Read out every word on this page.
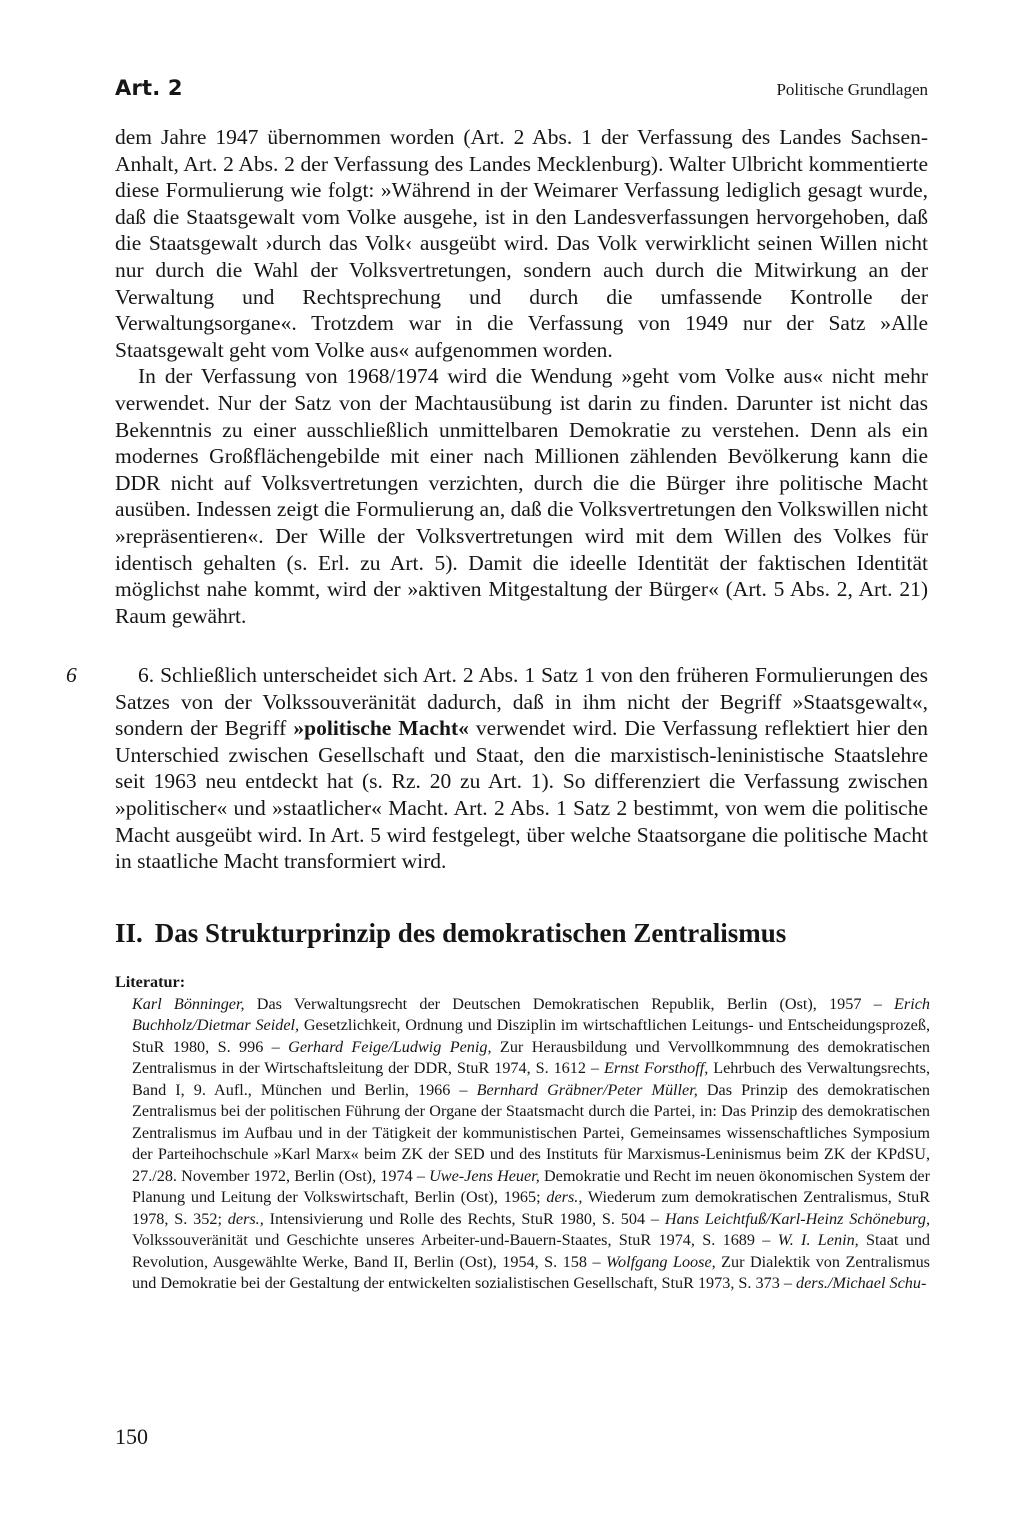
Art. 2	Politische Grundlagen

dem Jahre 1947 übernommen worden (Art. 2 Abs. 1 der Verfassung des Landes Sachsen-Anhalt, Art. 2 Abs. 2 der Verfassung des Landes Mecklenburg). Walter Ulbricht kommentierte diese Formulierung wie folgt: »Während in der Weimarer Verfassung lediglich gesagt wurde, daß die Staatsgewalt vom Volke ausgehe, ist in den Landesverfassungen hervorgehoben, daß die Staatsgewalt ›durch das Volk‹ ausgeübt wird. Das Volk verwirklicht seinen Willen nicht nur durch die Wahl der Volksvertretungen, sondern auch durch die Mitwirkung an der Verwaltung und Rechtsprechung und durch die umfassende Kontrolle der Verwaltungsorgane«. Trotzdem war in die Verfassung von 1949 nur der Satz »Alle Staatsgewalt geht vom Volke aus« aufgenommen worden.

In der Verfassung von 1968/1974 wird die Wendung »geht vom Volke aus« nicht mehr verwendet. Nur der Satz von der Machtausübung ist darin zu finden. Darunter ist nicht das Bekenntnis zu einer ausschließlich unmittelbaren Demokratie zu verstehen. Denn als ein modernes Großflächengebilde mit einer nach Millionen zählenden Bevölkerung kann die DDR nicht auf Volksvertretungen verzichten, durch die die Bürger ihre politische Macht ausüben. Indessen zeigt die Formulierung an, daß die Volksvertretungen den Volkswillen nicht »repräsentieren«. Der Wille der Volksvertretungen wird mit dem Willen des Volkes für identisch gehalten (s. Erl. zu Art. 5). Damit die ideelle Identität der faktischen Identität möglichst nahe kommt, wird der »aktiven Mitgestaltung der Bürger« (Art. 5 Abs. 2, Art. 21) Raum gewährt.

6	6. Schließlich unterscheidet sich Art. 2 Abs. 1 Satz 1 von den früheren Formulierungen des Satzes von der Volkssouveränität dadurch, daß in ihm nicht der Begriff »Staatsgewalt«, sondern der Begriff »politische Macht« verwendet wird. Die Verfassung reflektiert hier den Unterschied zwischen Gesellschaft und Staat, den die marxistisch-leninistische Staatslehre seit 1963 neu entdeckt hat (s. Rz. 20 zu Art. 1). So differenziert die Verfassung zwischen »politischer« und »staatlicher« Macht. Art. 2 Abs. 1 Satz 2 bestimmt, von wem die politische Macht ausgeübt wird. In Art. 5 wird festgelegt, über welche Staatsorgane die politische Macht in staatliche Macht transformiert wird.

II. Das Strukturprinzip des demokratischen Zentralismus
Literatur:
Karl Bönninger, Das Verwaltungsrecht der Deutschen Demokratischen Republik, Berlin (Ost), 1957 – Erich Buchholz/Dietmar Seidel, Gesetzlichkeit, Ordnung und Disziplin im wirtschaftlichen Leitungs- und Entscheidungsprozeß, StuR 1980, S. 996 – Gerhard Feige/Ludwig Penig, Zur Herausbildung und Vervollkommnung des demokratischen Zentralismus in der Wirtschaftsleitung der DDR, StuR 1974, S. 1612 – Ernst Forsthoff, Lehrbuch des Verwaltungsrechts, Band I, 9. Aufl., München und Berlin, 1966 – Bernhard Gräbner/Peter Müller, Das Prinzip des demokratischen Zentralismus bei der politischen Führung der Organe der Staatsmacht durch die Partei, in: Das Prinzip des demokratischen Zentralismus im Aufbau und in der Tätigkeit der kommunistischen Partei, Gemeinsames wissenschaftliches Symposium der Parteihochschule »Karl Marx« beim ZK der SED und des Instituts für Marxismus-Leninismus beim ZK der KPdSU, 27./28. November 1972, Berlin (Ost), 1974 – Uwe-Jens Heuer, Demokratie und Recht im neuen ökonomischen System der Planung und Leitung der Volkswirtschaft, Berlin (Ost), 1965; ders., Wiederum zum demokratischen Zentralismus, StuR 1978, S. 352; ders., Intensivierung und Rolle des Rechts, StuR 1980, S. 504 – Hans Leichtfuß/Karl-Heinz Schöneburg, Volkssouveränität und Geschichte unseres Arbeiter-und-Bauern-Staates, StuR 1974, S. 1689 – W. I. Lenin, Staat und Revolution, Ausgewählte Werke, Band II, Berlin (Ost), 1954, S. 158 – Wolfgang Loose, Zur Dialektik von Zentralismus und Demokratie bei der Gestaltung der entwickelten sozialistischen Gesellschaft, StuR 1973, S. 373 – ders./Michael Schu-
150
